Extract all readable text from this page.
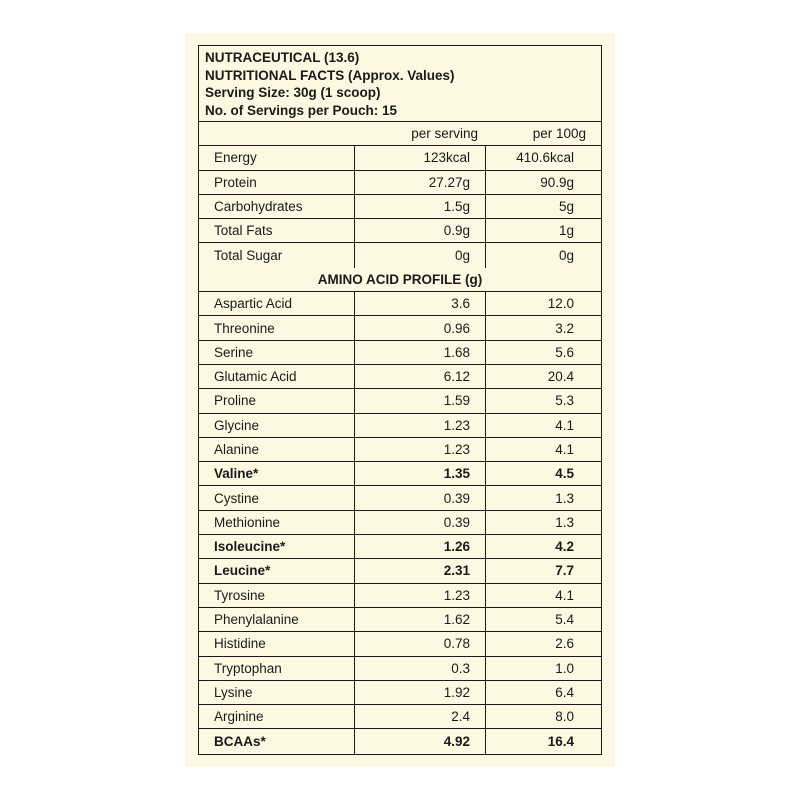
NUTRACEUTICAL (13.6)
NUTRITIONAL FACTS (Approx. Values)
Serving Size: 30g (1 scoop)
No. of Servings per Pouch: 15
per serving	per 100g
Energy	123kcal	410.6kcal
Protein	27.27g	90.9g
Carbohydrates	1.5g	5g
Total Fats	0.9g	1g
Total Sugar	0g	0g
AMINO ACID PROFILE (g)
Aspartic Acid	3.6	12.0
Threonine	0.96	3.2
Serine	1.68	5.6
Glutamic Acid	6.12	20.4
Proline	1.59	5.3
Glycine	1.23	4.1
Alanine	1.23	4.1
Valine*	1.35	4.5
Cystine	0.39	1.3
Methionine	0.39	1.3
Isoleucine*	1.26	4.2
Leucine*	2.31	7.7
Tyrosine	1.23	4.1
Phenylalanine	1.62	5.4
Histidine	0.78	2.6
Tryptophan	0.3	1.0
Lysine	1.92	6.4
Arginine	2.4	8.0
BCAAs*	4.92	16.4
